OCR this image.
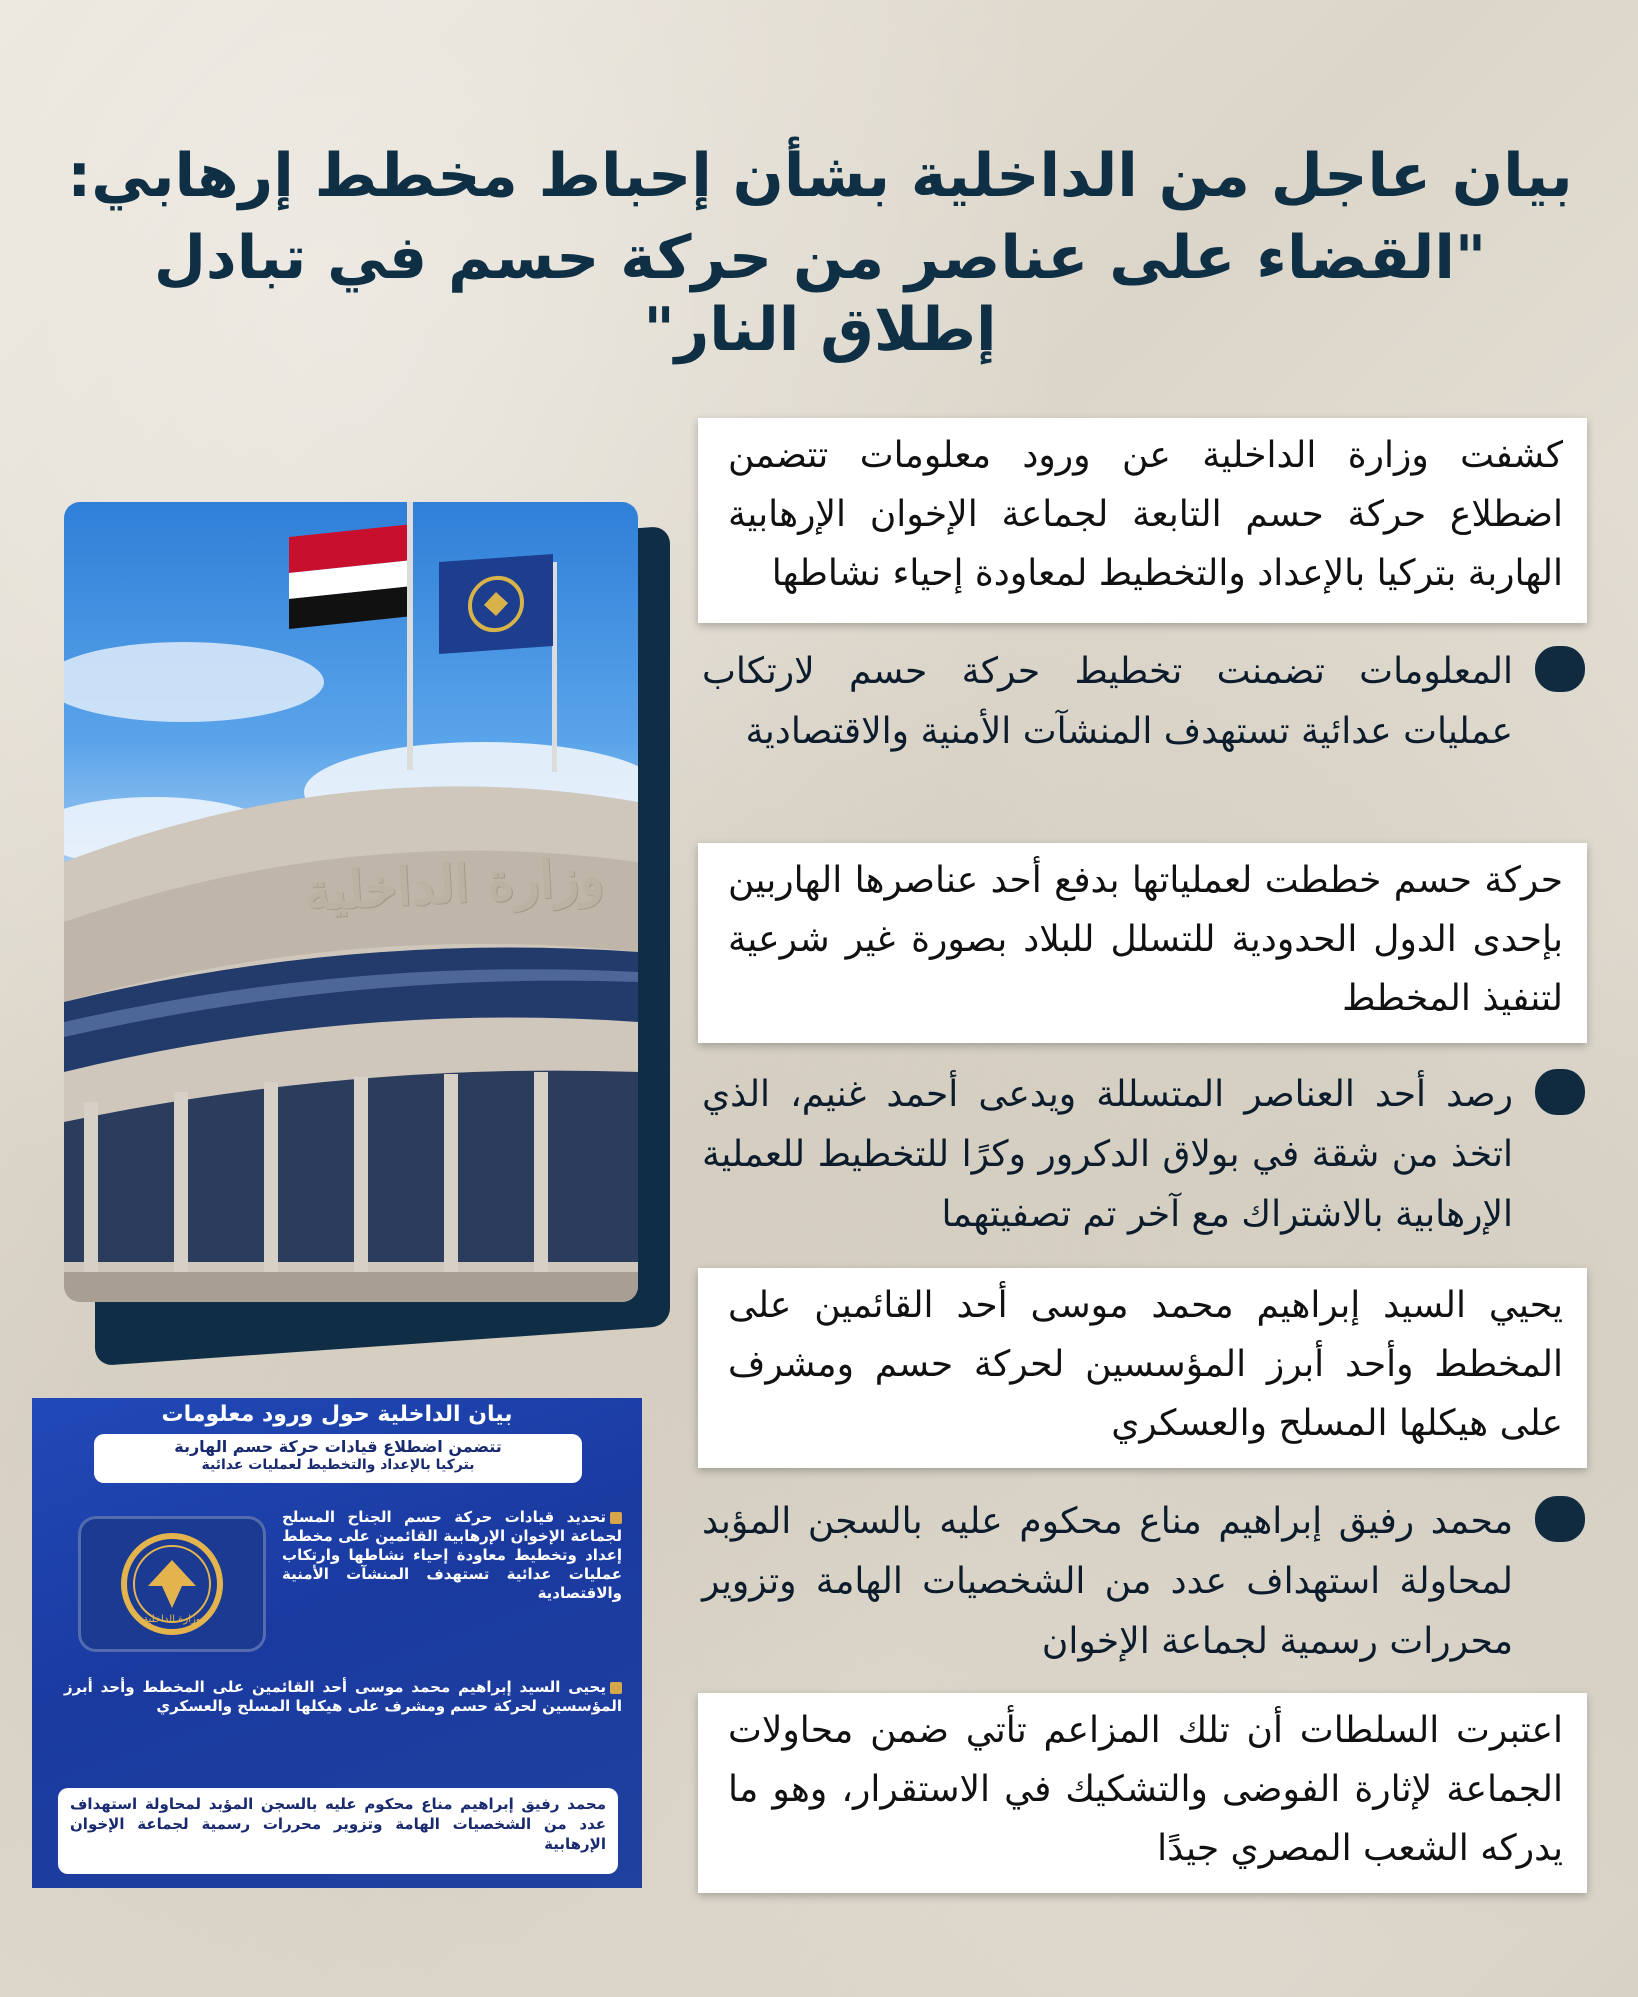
بيان عاجل من الداخلية بشأن إحباط مخطط إرهابي:
"القضاء على عناصر من حركة حسم في تبادل إطلاق النار"
وزارة الداخلية
بيان الداخلية حول ورود معلومات
تتضمن اضطلاع قيادات حركة حسم الهاربة
بتركيا بالإعداد والتخطيط لعمليات عدائية
وزارة الداخلية
تحديد قيادات حركة حسم الجناح المسلح لجماعة الإخوان الإرهابية القائمين على مخطط إعداد وتخطيط معاودة إحياء نشاطها وارتكاب عمليات عدائية تستهدف المنشآت الأمنية والاقتصادية
يحيى السيد إبراهيم محمد موسى أحد القائمين على المخطط وأحد أبرز المؤسسين لحركة حسم ومشرف على هيكلها المسلح والعسكري
محمد رفيق إبراهيم مناع محكوم عليه بالسجن المؤبد لمحاولة استهداف عدد من الشخصيات الهامة وتزوير محررات رسمية لجماعة الإخوان الإرهابية
كشفت وزارة الداخلية عن ورود معلومات تتضمن اضطلاع حركة حسم التابعة لجماعة الإخوان الإرهابية الهاربة بتركيا بالإعداد والتخطيط لمعاودة إحياء نشاطها
المعلومات تضمنت تخطيط حركة حسم لارتكاب عمليات عدائية تستهدف المنشآت الأمنية والاقتصادية
حركة حسم خططت لعملياتها بدفع أحد عناصرها الهاربين بإحدى الدول الحدودية للتسلل للبلاد بصورة غير شرعية لتنفيذ المخطط
رصد أحد العناصر المتسللة ويدعى أحمد غنيم، الذي اتخذ من شقة في بولاق الدكرور وكرًا للتخطيط للعملية الإرهابية بالاشتراك مع آخر تم تصفيتهما
يحيي السيد إبراهيم محمد موسى أحد القائمين على المخطط وأحد أبرز المؤسسين لحركة حسم ومشرف على هيكلها المسلح والعسكري
محمد رفيق إبراهيم مناع محكوم عليه بالسجن المؤبد لمحاولة استهداف عدد من الشخصيات الهامة وتزوير محررات رسمية لجماعة الإخوان
اعتبرت السلطات أن تلك المزاعم تأتي ضمن محاولات الجماعة لإثارة الفوضى والتشكيك في الاستقرار، وهو ما يدركه الشعب المصري جيدًا
